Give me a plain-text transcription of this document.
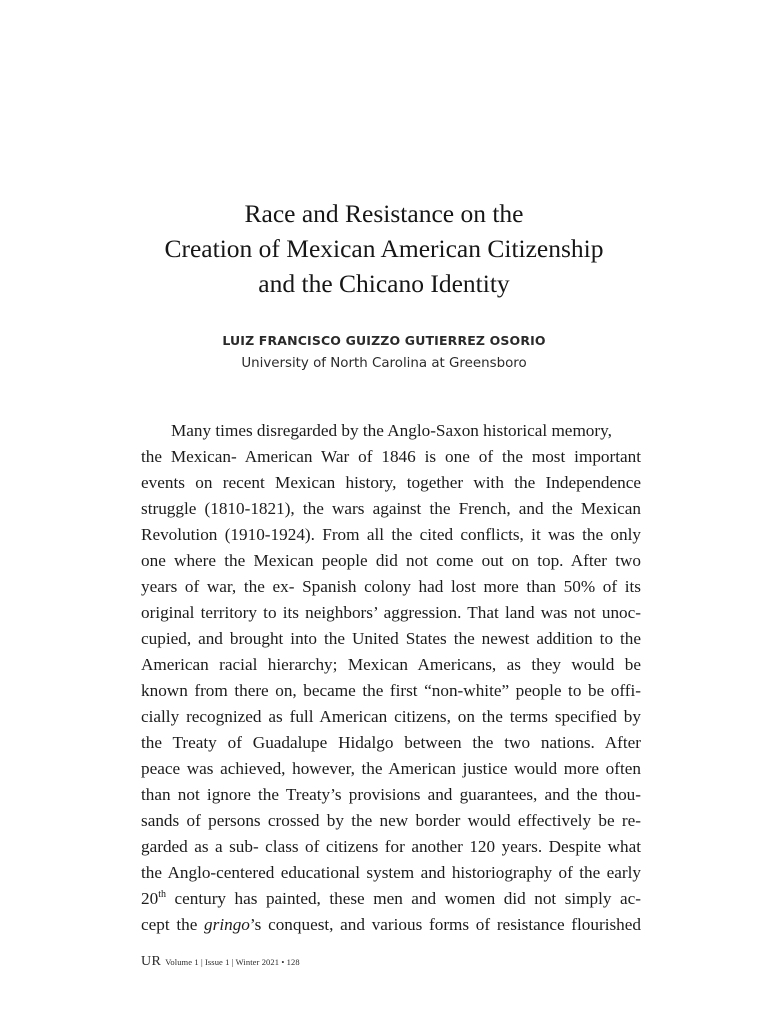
Race and Resistance on the
Creation of Mexican American Citizenship
and the Chicano Identity
LUIZ FRANCISCO GUIZZO GUTIERREZ OSORIO
University of North Carolina at Greensboro
Many times disregarded by the Anglo-Saxon historical memory,
the Mexican- American War of 1846 is one of the most important
events on recent Mexican history, together with the Independence
struggle (1810-1821), the wars against the French, and the Mexican
Revolution (1910-1924). From all the cited conflicts, it was the only
one where the Mexican people did not come out on top. After two
years of war, the ex- Spanish colony had lost more than 50% of its
original territory to its neighbors’ aggression. That land was not unoc-
cupied, and brought into the United States the newest addition to the
American racial hierarchy; Mexican Americans, as they would be
known from there on, became the first “non-white” people to be offi-
cially recognized as full American citizens, on the terms specified by
the Treaty of Guadalupe Hidalgo between the two nations. After
peace was achieved, however, the American justice would more often
than not ignore the Treaty’s provisions and guarantees, and the thou-
sands of persons crossed by the new border would effectively be re-
garded as a sub- class of citizens for another 120 years. Despite what
the Anglo-centered educational system and historiography of the early
20th century has painted, these men and women did not simply ac-
cept the gringo’s conquest, and various forms of resistance flourished
UR Volume 1 | Issue 1 | Winter 2021 • 128
